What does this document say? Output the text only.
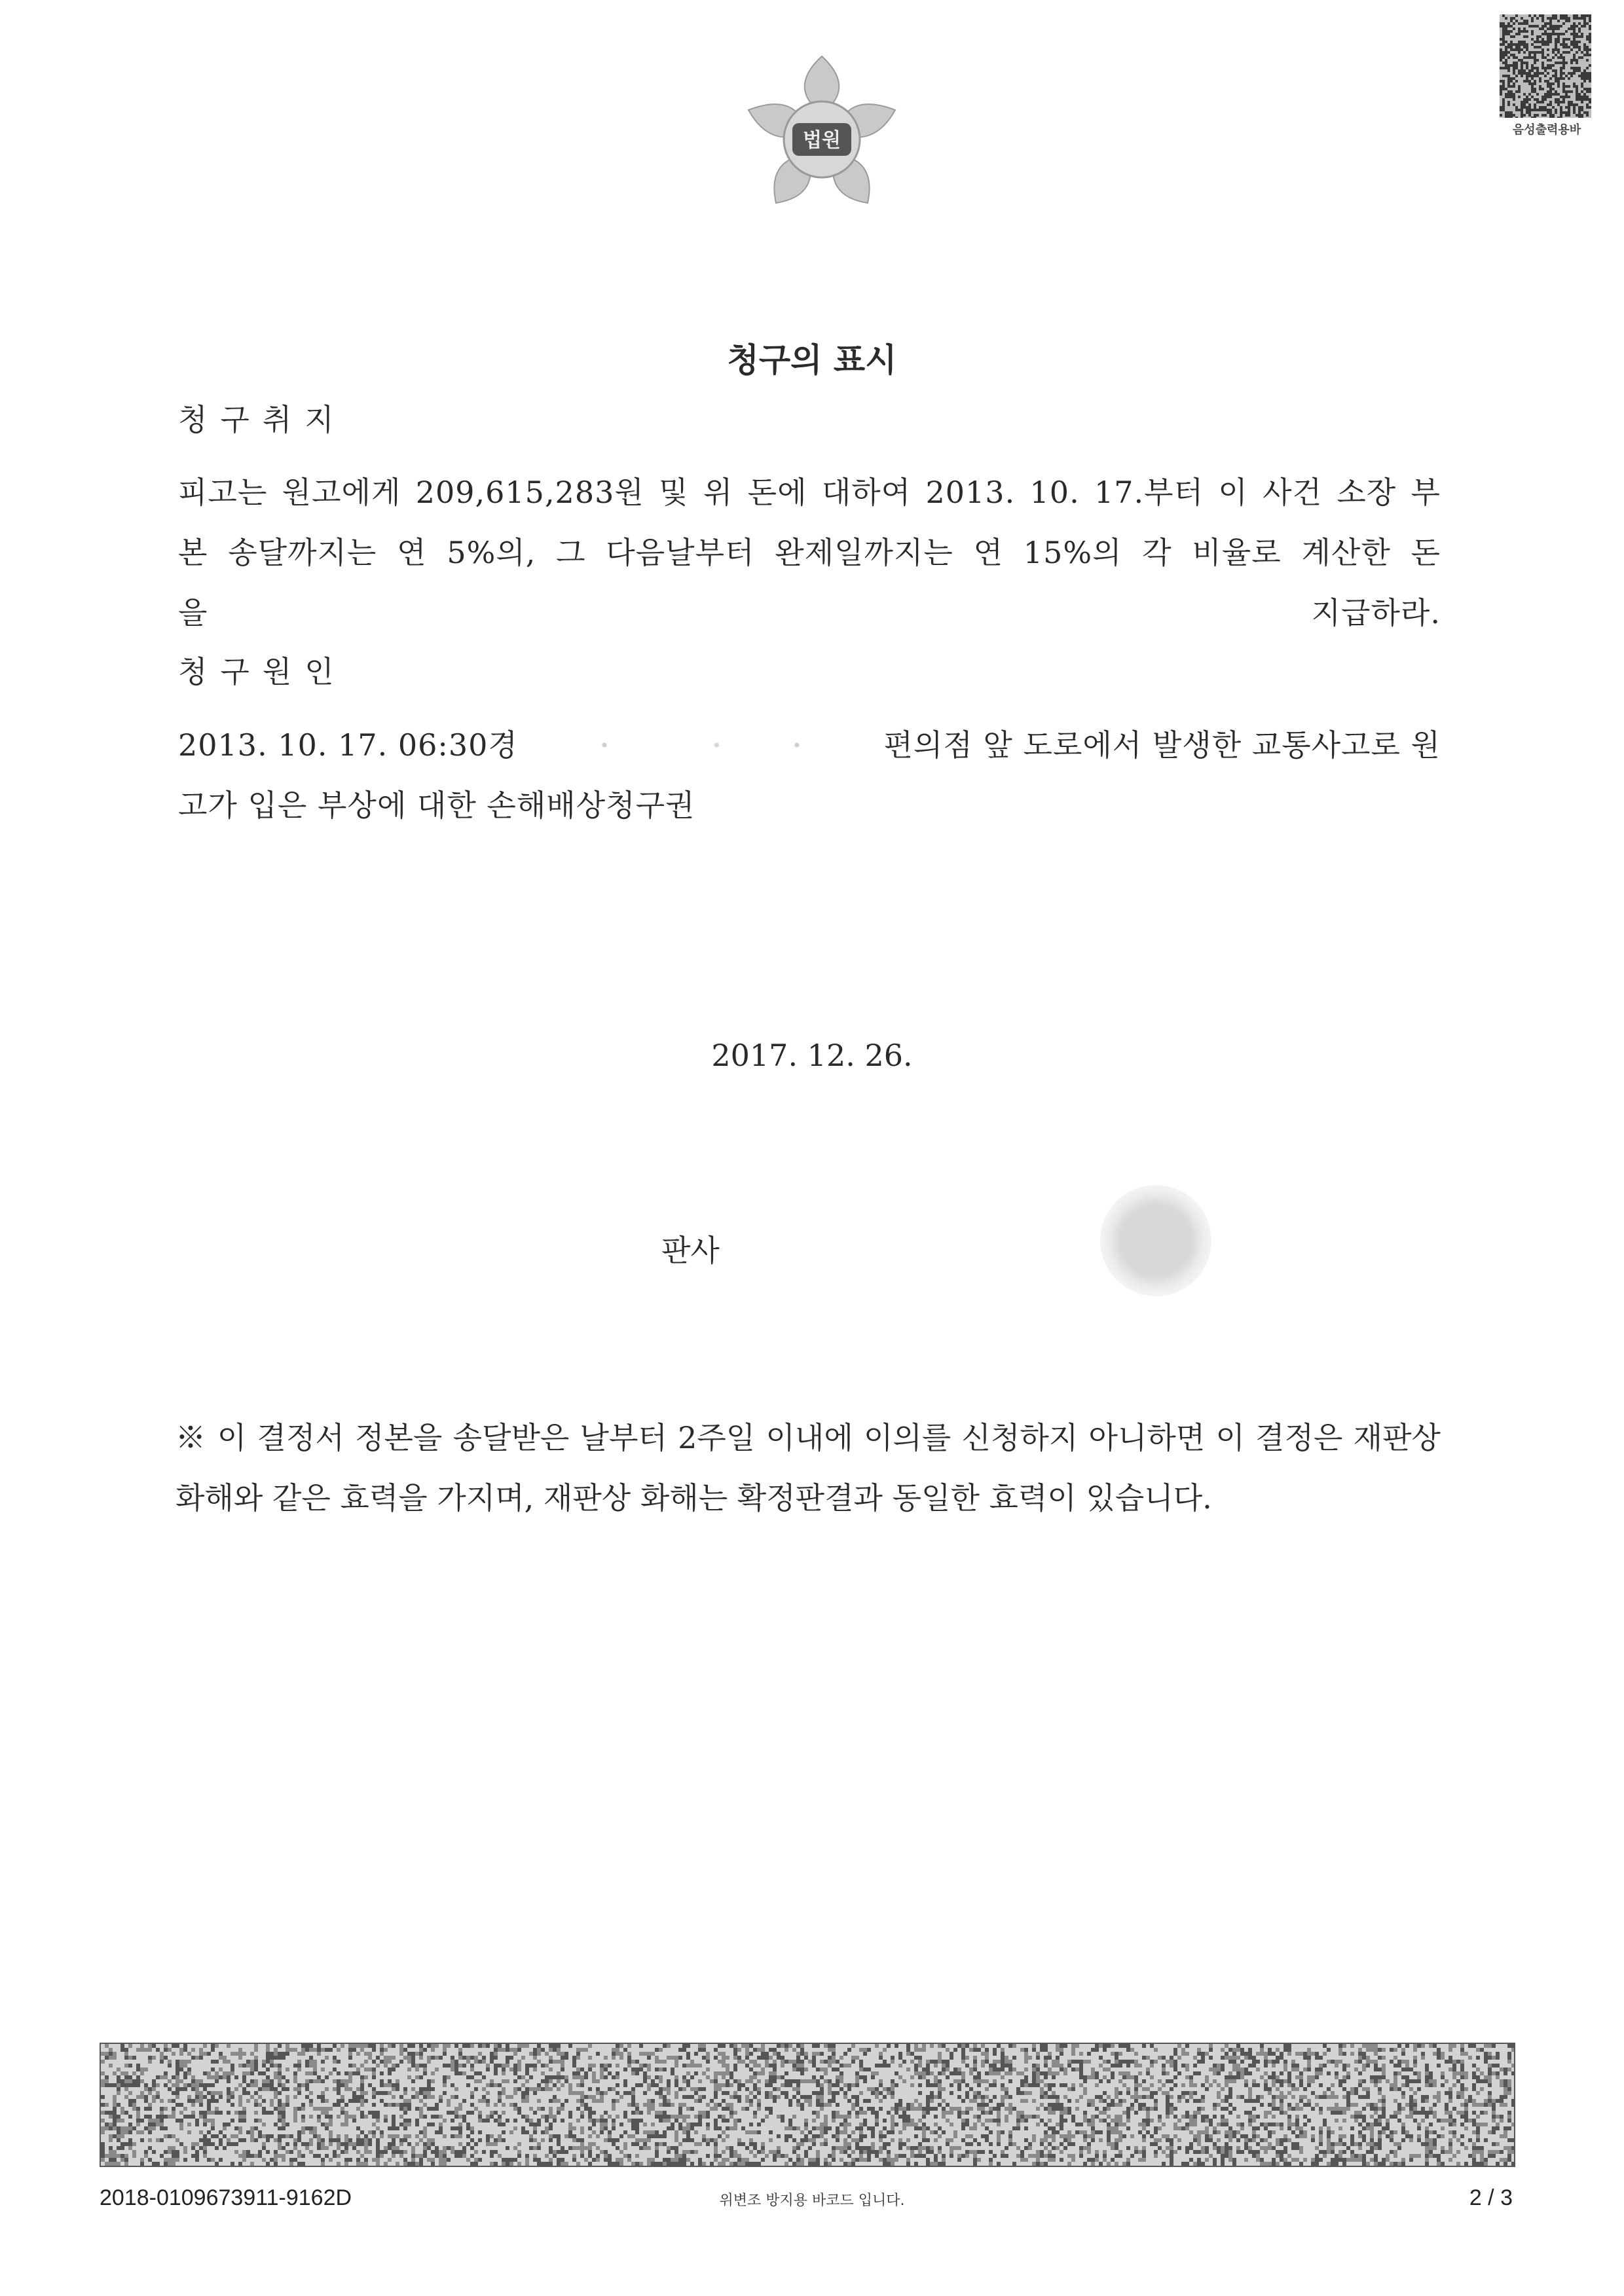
법원	음성출력용바
청구의 표시
청구취지
피고는 원고에게 209,615,283원 및 위 돈에 대하여 2013. 10. 17.부터 이 사건 소장 부
본 송달까지는 연 5%의, 그 다음날부터 완제일까지는 연 15%의 각 비율로 계산한 돈
을 지급하라.
청구원인
2013. 10. 17. 06:30경	편의점 앞 도로에서 발생한 교통사고로 원
고가 입은 부상에 대한 손해배상청구권
2017. 12. 26.
판사
※ 이 결정서 정본을 송달받은 날부터 2주일 이내에 이의를 신청하지 아니하면 이 결정은 재판상 화해와 같은 효력을 가지며, 재판상 화해는 확정판결과 동일한 효력이 있습니다.
2018-0109673911-9162D	위변조 방지용 바코드 입니다.	2 / 3
